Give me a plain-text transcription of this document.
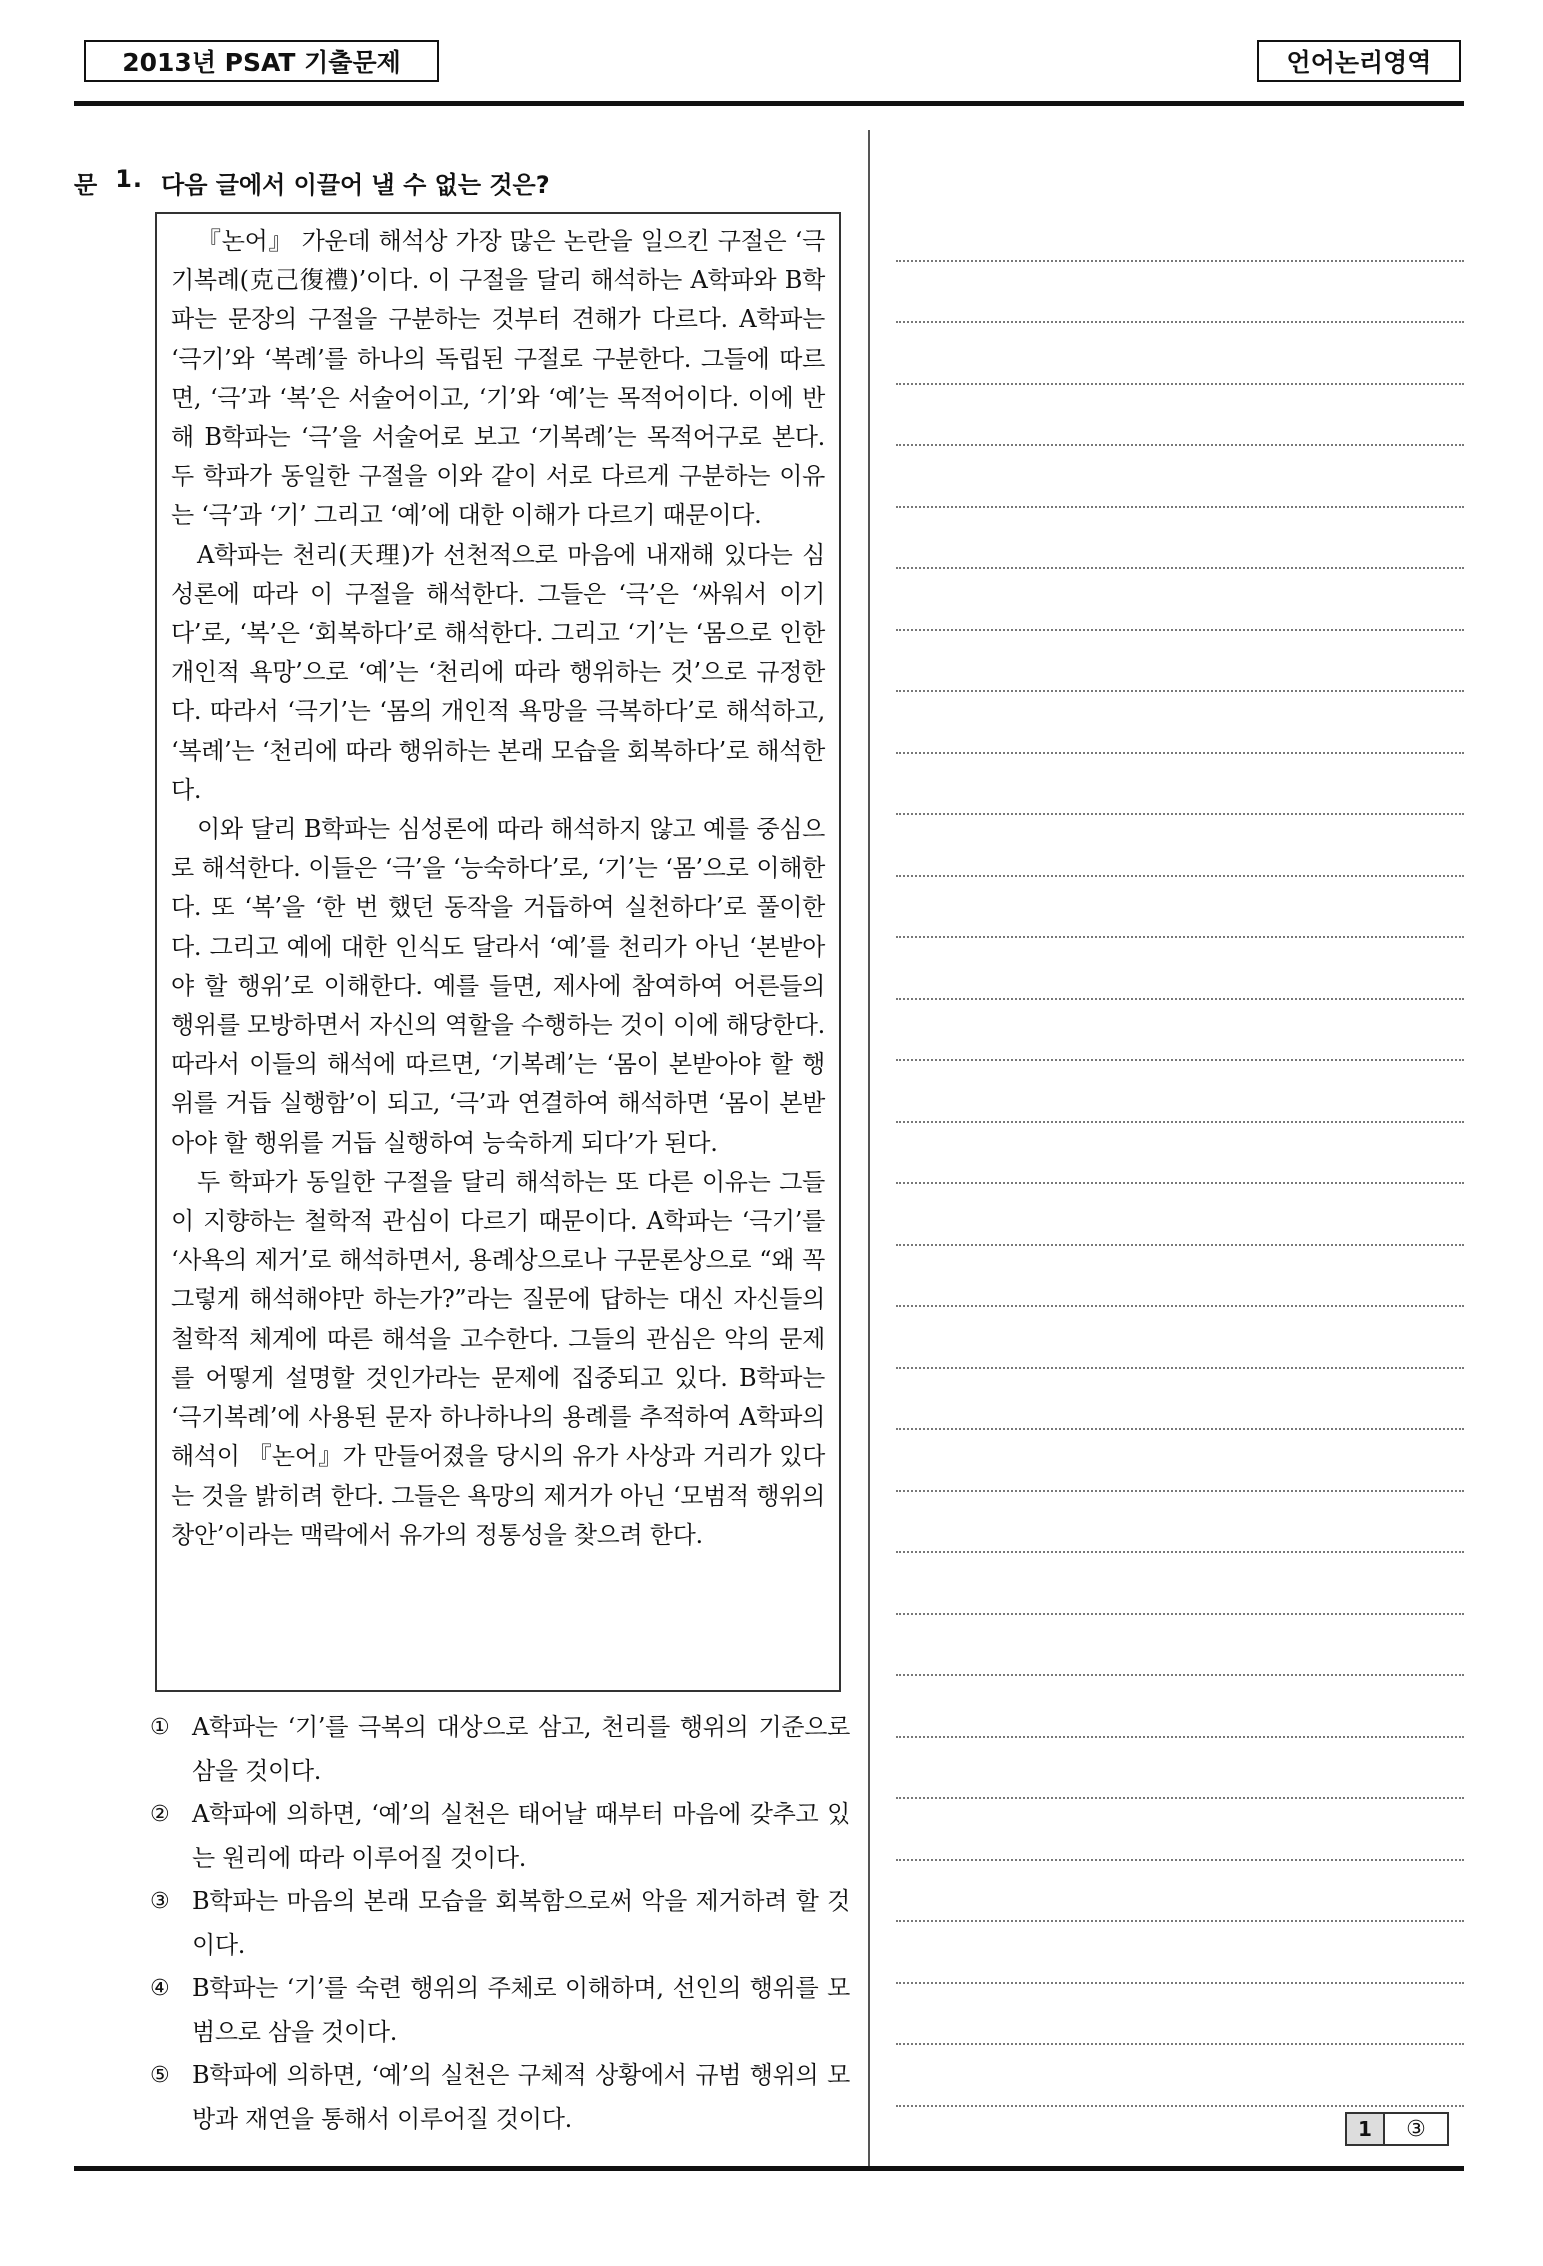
2013년 PSAT 기출문제	언어논리영역
문 1. 다음 글에서 이끌어 낼 수 없는 것은?

『논어』 가운데 해석상 가장 많은 논란을 일으킨 구절은 ‘극기복례(克己復禮)’이다. 이 구절을 달리 해석하는 A학파와 B학파는 문장의 구절을 구분하는 것부터 견해가 다르다. A학파는 ‘극기’와 ‘복례’를 하나의 독립된 구절로 구분한다. 그들에 따르면, ‘극’과 ‘복’은 서술어이고, ‘기’와 ‘예’는 목적어이다. 이에 반해 B학파는 ‘극’을 서술어로 보고 ‘기복례’는 목적어구로 본다. 두 학파가 동일한 구절을 이와 같이 서로 다르게 구분하는 이유는 ‘극’과 ‘기’ 그리고 ‘예’에 대한 이해가 다르기 때문이다.

A학파는 천리(天理)가 선천적으로 마음에 내재해 있다는 심성론에 따라 이 구절을 해석한다. 그들은 ‘극’은 ‘싸워서 이기다’로, ‘복’은 ‘회복하다’로 해석한다. 그리고 ‘기’는 ‘몸으로 인한 개인적 욕망’으로 ‘예’는 ‘천리에 따라 행위하는 것’으로 규정한다. 따라서 ‘극기’는 ‘몸의 개인적 욕망을 극복하다’로 해석하고, ‘복례’는 ‘천리에 따라 행위하는 본래 모습을 회복하다’로 해석한다.

이와 달리 B학파는 심성론에 따라 해석하지 않고 예를 중심으로 해석한다. 이들은 ‘극’을 ‘능숙하다’로, ‘기’는 ‘몸’으로 이해한다. 또 ‘복’을 ‘한 번 했던 동작을 거듭하여 실천하다’로 풀이한다. 그리고 예에 대한 인식도 달라서 ‘예’를 천리가 아닌 ‘본받아야 할 행위’로 이해한다. 예를 들면, 제사에 참여하여 어른들의 행위를 모방하면서 자신의 역할을 수행하는 것이 이에 해당한다. 따라서 이들의 해석에 따르면, ‘기복례’는 ‘몸이 본받아야 할 행위를 거듭 실행함’이 되고, ‘극’과 연결하여 해석하면 ‘몸이 본받아야 할 행위를 거듭 실행하여 능숙하게 되다’가 된다.

두 학파가 동일한 구절을 달리 해석하는 또 다른 이유는 그들이 지향하는 철학적 관심이 다르기 때문이다. A학파는 ‘극기’를 ‘사욕의 제거’로 해석하면서, 용례상으로나 구문론상으로 “왜 꼭 그렇게 해석해야만 하는가?”라는 질문에 답하는 대신 자신들의 철학적 체계에 따른 해석을 고수한다. 그들의 관심은 악의 문제를 어떻게 설명할 것인가라는 문제에 집중되고 있다. B학파는 ‘극기복례’에 사용된 문자 하나하나의 용례를 추적하여 A학파의 해석이 『논어』가 만들어졌을 당시의 유가 사상과 거리가 있다는 것을 밝히려 한다. 그들은 욕망의 제거가 아닌 ‘모범적 행위의 창안’이라는 맥락에서 유가의 정통성을 찾으려 한다.

① A학파는 ‘기’를 극복의 대상으로 삼고, 천리를 행위의 기준으로 삼을 것이다.
② A학파에 의하면, ‘예’의 실천은 태어날 때부터 마음에 갖추고 있는 원리에 따라 이루어질 것이다.
③ B학파는 마음의 본래 모습을 회복함으로써 악을 제거하려 할 것이다.
④ B학파는 ‘기’를 숙련 행위의 주체로 이해하며, 선인의 행위를 모범으로 삼을 것이다.
⑤ B학파에 의하면, ‘예’의 실천은 구체적 상황에서 규범 행위의 모방과 재연을 통해서 이루어질 것이다.	1	③
